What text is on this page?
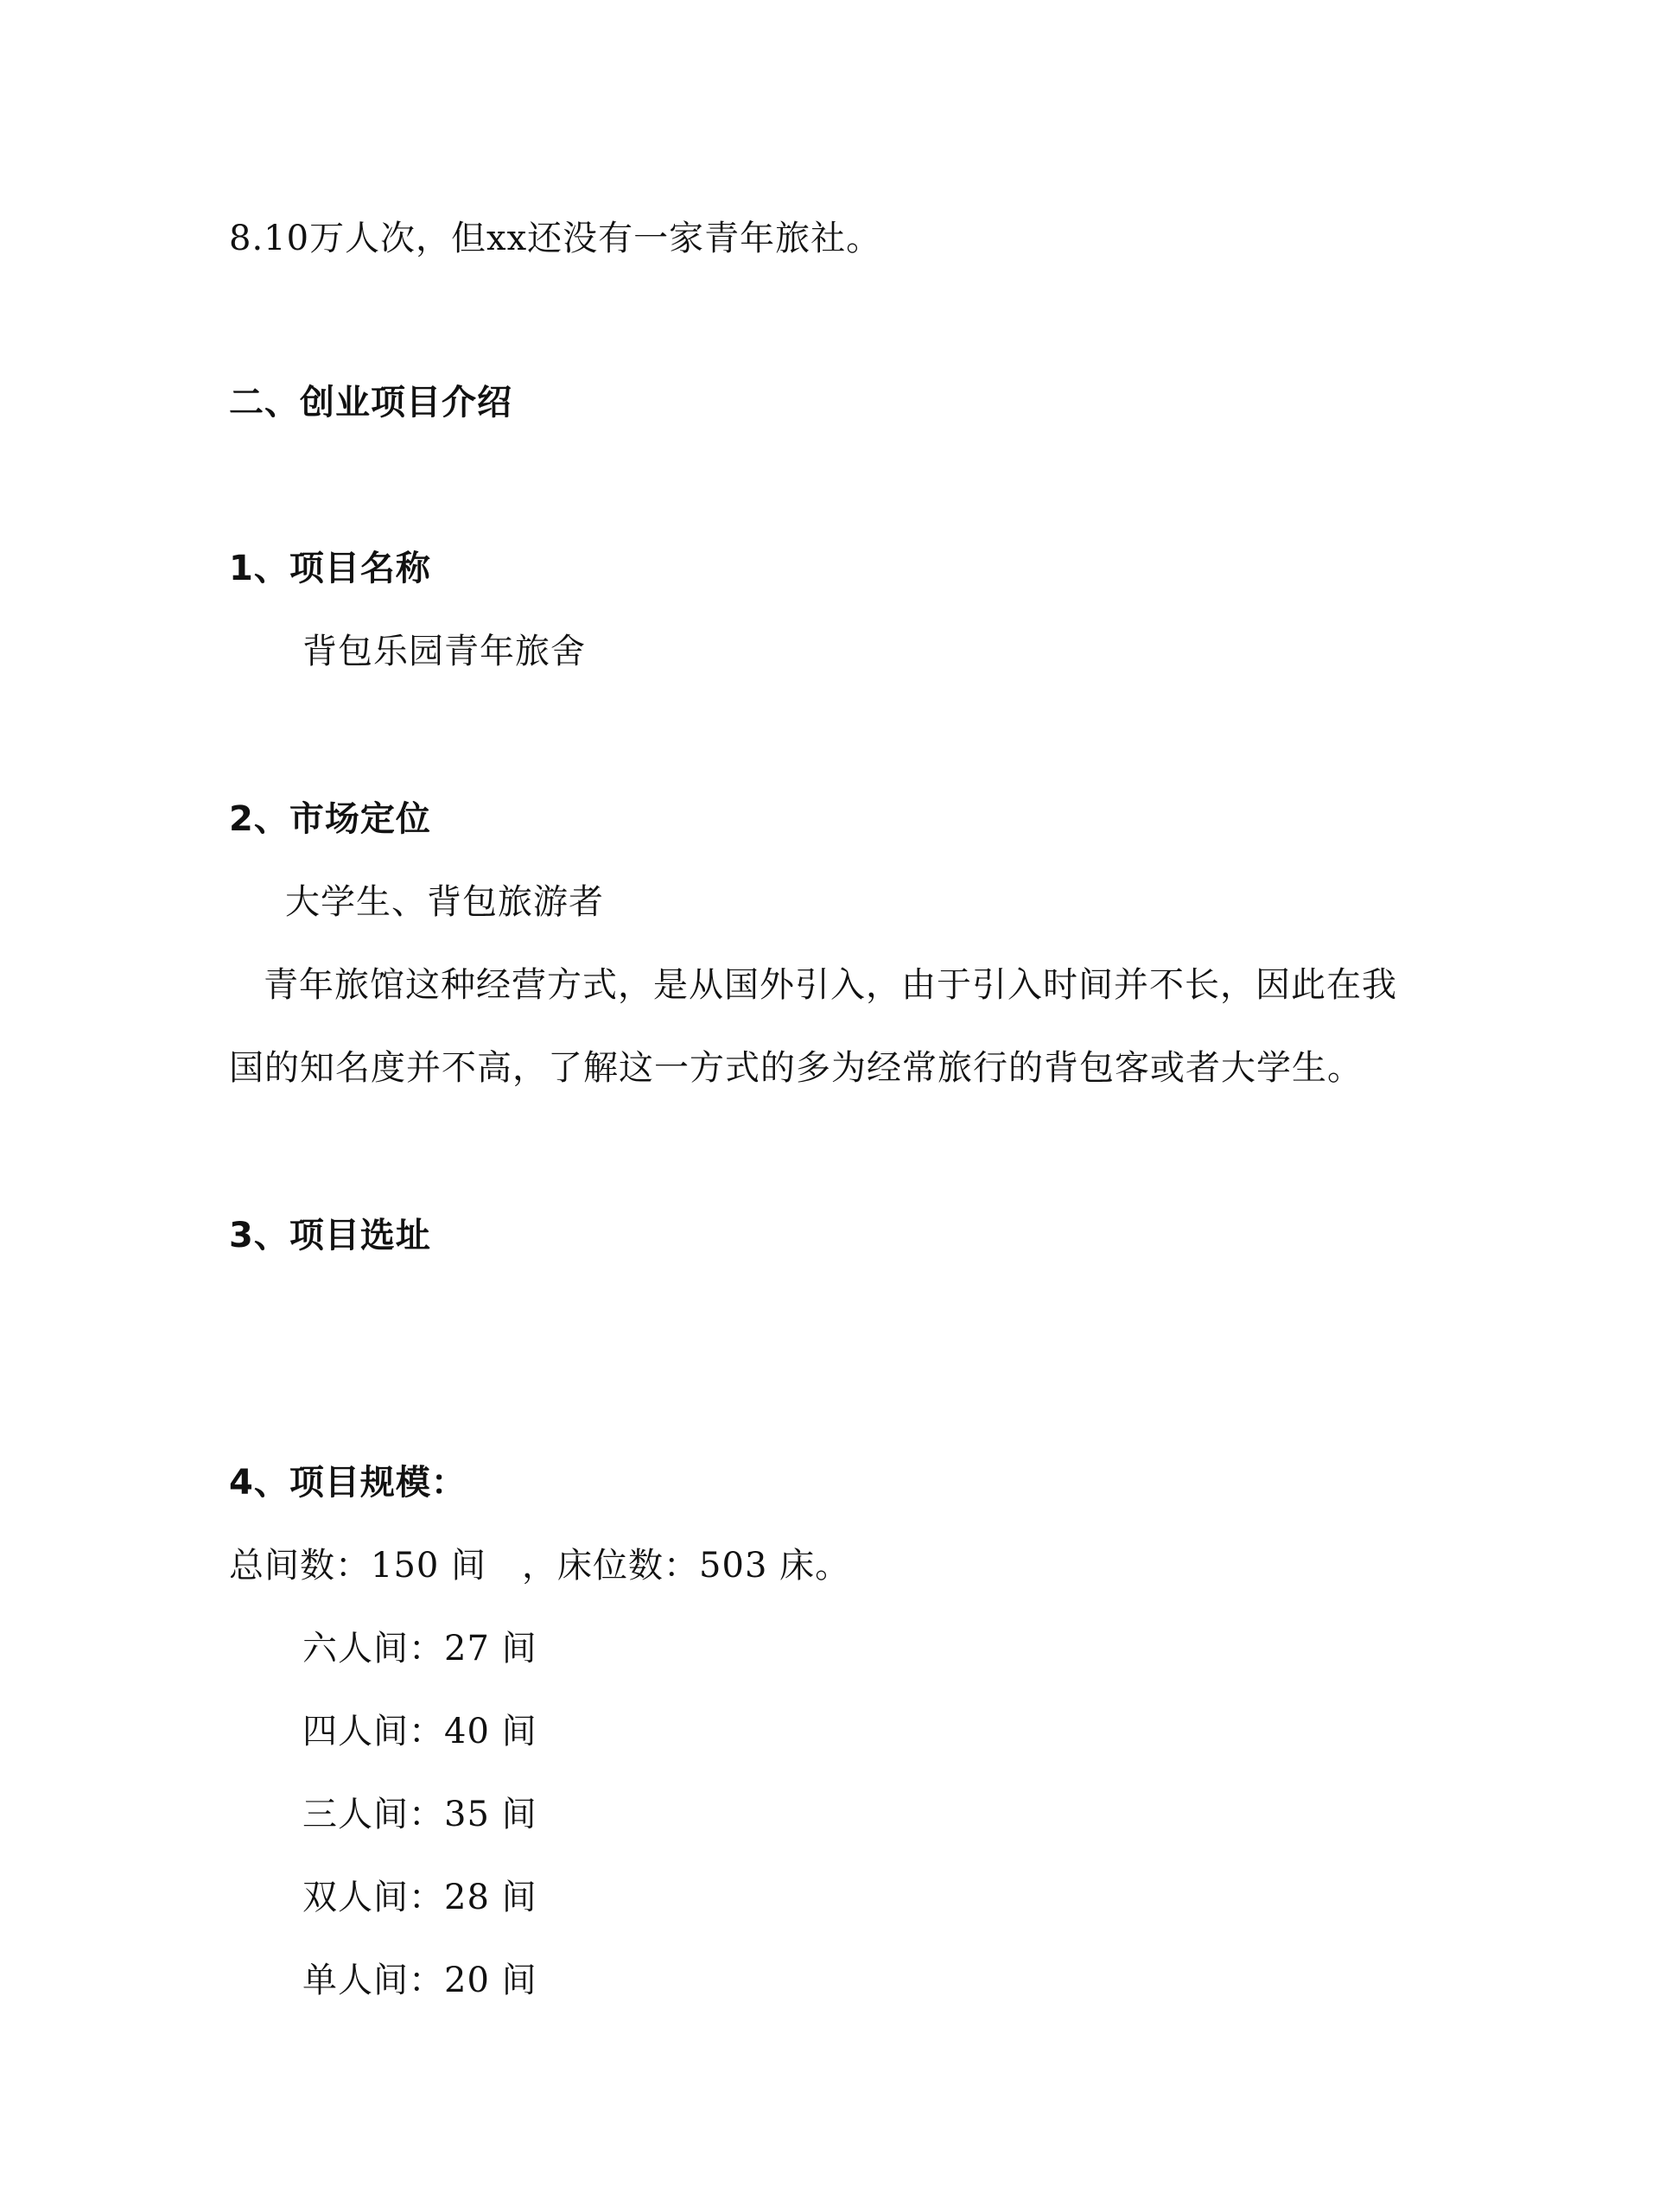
8.10万人次，但xx还没有一家青年旅社。
二、创业项目介绍
1、项目名称
背包乐园青年旅舍
2、市场定位
大学生、背包旅游者
青年旅馆这种经营方式，是从国外引入，由于引入时间并不长，因此在我
国的知名度并不高，了解这一方式的多为经常旅行的背包客或者大学生。
3、项目选址
4、项目规模：
总间数：150 间　，床位数：503 床。
六人间：27 间
四人间：40 间
三人间：35 间
双人间：28 间
单人间：20 间
